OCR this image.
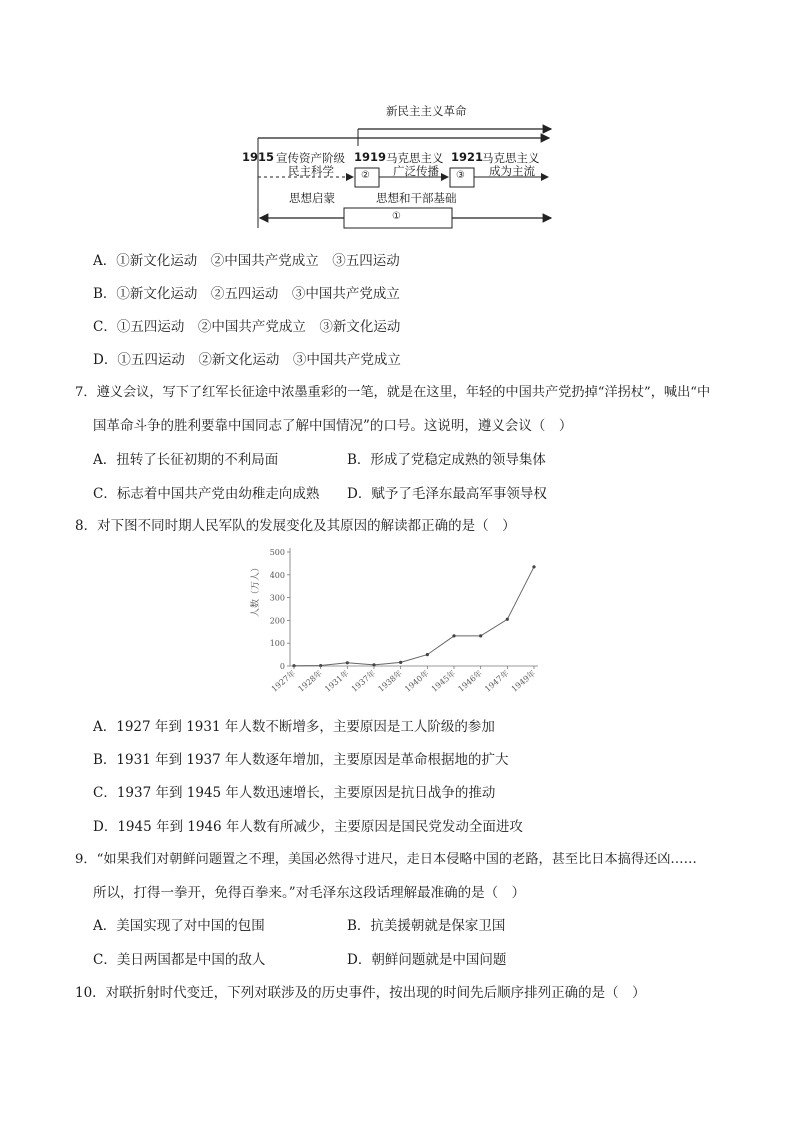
新民主主义革命
1915	1919	1921
宣传资产阶级
民主科学
马克思主义
广泛传播
马克思主义
成为主流
②	③
思想启蒙	思想和干部基础
①
A．①新文化运动　②中国共产党成立　③五四运动
B．①新文化运动　②五四运动　③中国共产党成立
C．①五四运动　②中国共产党成立　③新文化运动
D．①五四运动　②新文化运动　③中国共产党成立
7．遵义会议，写下了红军长征途中浓墨重彩的一笔，就是在这里，年轻的中国共产党扔掉“洋拐杖”，喊出“中
国革命斗争的胜利要靠中国同志了解中国情况”的口号。这说明，遵义会议（　）
A．扭转了长征初期的不利局面	B．形成了党稳定成熟的领导集体
C．标志着中国共产党由幼稚走向成熟 D．赋予了毛泽东最高军事领导权
8．对下图不同时期人民军队的发展变化及其原因的解读都正确的是（　）
0
100
200
300
400
500
1927年 1928年 1931年 1937年 1938年 1940年 1945年 1946年 1947年 1949年
人数（万人）
A．1927 年到 1931 年人数不断增多，主要原因是工人阶级的参加
B．1931 年到 1937 年人数逐年增加，主要原因是革命根据地的扩大
C．1937 年到 1945 年人数迅速增长，主要原因是抗日战争的推动
D．1945 年到 1946 年人数有所减少，主要原因是国民党发动全面进攻
9．“如果我们对朝鲜问题置之不理，美国必然得寸进尺，走日本侵略中国的老路，甚至比日本搞得还凶……
所以，打得一拳开，免得百拳来。”对毛泽东这段话理解最准确的是（　）
A．美国实现了对中国的包围	B．抗美援朝就是保家卫国
C．美日两国都是中国的敌人	D．朝鲜问题就是中国问题
10．对联折射时代变迁，下列对联涉及的历史事件，按出现的时间先后顺序排列正确的是（　）
